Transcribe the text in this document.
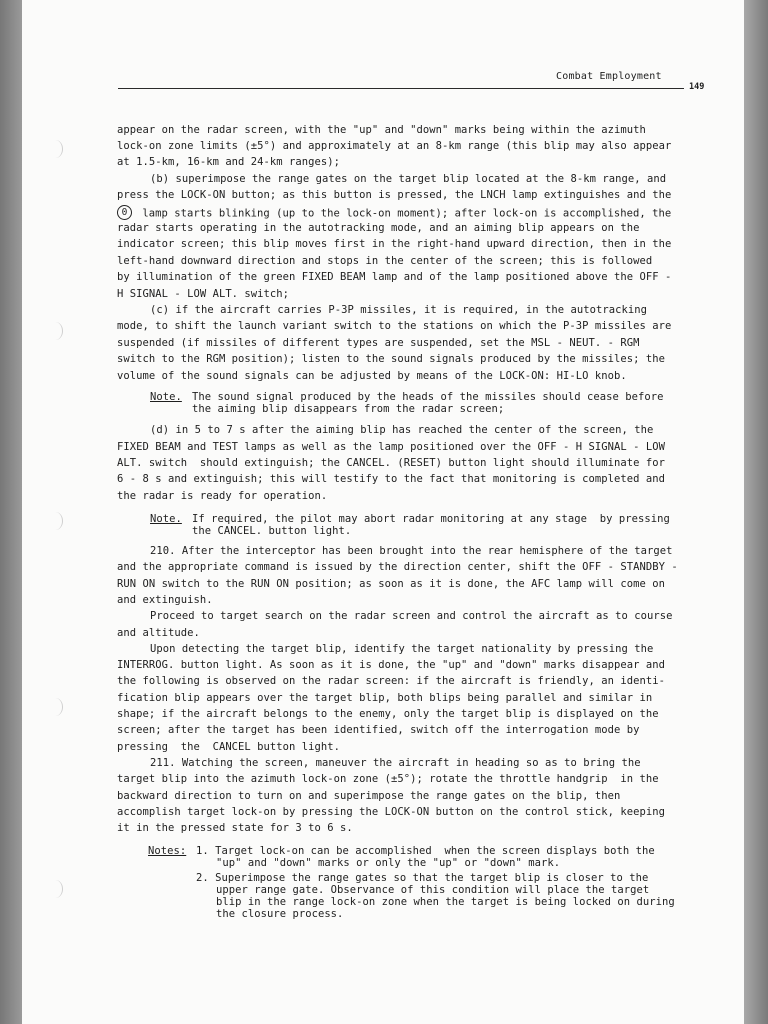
Combat Employment
149
appear on the radar screen, with the "up" and "down" marks being within the azimuth
lock-on zone limits (±5°) and approximately at an 8-km range (this blip may also appear
at 1.5-km, 16-km and 24-km ranges);
(b) superimpose the range gates on the target blip located at the 8-km range, and
press the LOCK-ON button; as this button is pressed, the LNCH lamp extinguishes and the
0 lamp starts blinking (up to the lock-on moment); after lock-on is accomplished, the
radar starts operating in the autotracking mode, and an aiming blip appears on the
indicator screen; this blip moves first in the right-hand upward direction, then in the
left-hand downward direction and stops in the center of the screen; this is followed
by illumination of the green FIXED BEAM lamp and of the lamp positioned above the OFF -
H SIGNAL - LOW ALT. switch;
(c) if the aircraft carries P-3P missiles, it is required, in the autotracking
mode, to shift the launch variant switch to the stations on which the P-3P missiles are
suspended (if missiles of different types are suspended, set the MSL - NEUT. - RGM
switch to the RGM position); listen to the sound signals produced by the missiles; the
volume of the sound signals can be adjusted by means of the LOCK-ON: HI-LO knob.
Note. The sound signal produced by the heads of the missiles should cease before
the aiming blip disappears from the radar screen;
(d) in 5 to 7 s after the aiming blip has reached the center of the screen, the
FIXED BEAM and TEST lamps as well as the lamp positioned over the OFF - H SIGNAL - LOW
ALT. switch  should extinguish; the CANCEL. (RESET) button light should illuminate for
6 - 8 s and extinguish; this will testify to the fact that monitoring is completed and
the radar is ready for operation.
Note. If required, the pilot may abort radar monitoring at any stage  by pressing
the CANCEL. button light.
210. After the interceptor has been brought into the rear hemisphere of the target
and the appropriate command is issued by the direction center, shift the OFF - STANDBY -
RUN ON switch to the RUN ON position; as soon as it is done, the AFC lamp will come on
and extinguish.
Proceed to target search on the radar screen and control the aircraft as to course
and altitude.
Upon detecting the target blip, identify the target nationality by pressing the
INTERROG. button light. As soon as it is done, the "up" and "down" marks disappear and
the following is observed on the radar screen: if the aircraft is friendly, an identi-
fication blip appears over the target blip, both blips being parallel and similar in
shape; if the aircraft belongs to the enemy, only the target blip is displayed on the
screen; after the target has been identified, switch off the interrogation mode by
pressing  the  CANCEL button light.
211. Watching the screen, maneuver the aircraft in heading so as to bring the
target blip into the azimuth lock-on zone (±5°); rotate the throttle handgrip  in the
backward direction to turn on and superimpose the range gates on the blip, then
accomplish target lock-on by pressing the LOCK-ON button on the control stick, keeping
it in the pressed state for 3 to 6 s.
Notes: 1. Target lock-on can be accomplished  when the screen displays both the
"up" and "down" marks or only the "up" or "down" mark.
2. Superimpose the range gates so that the target blip is closer to the
upper range gate. Observance of this condition will place the target
blip in the range lock-on zone when the target is being locked on during
the closure process.
